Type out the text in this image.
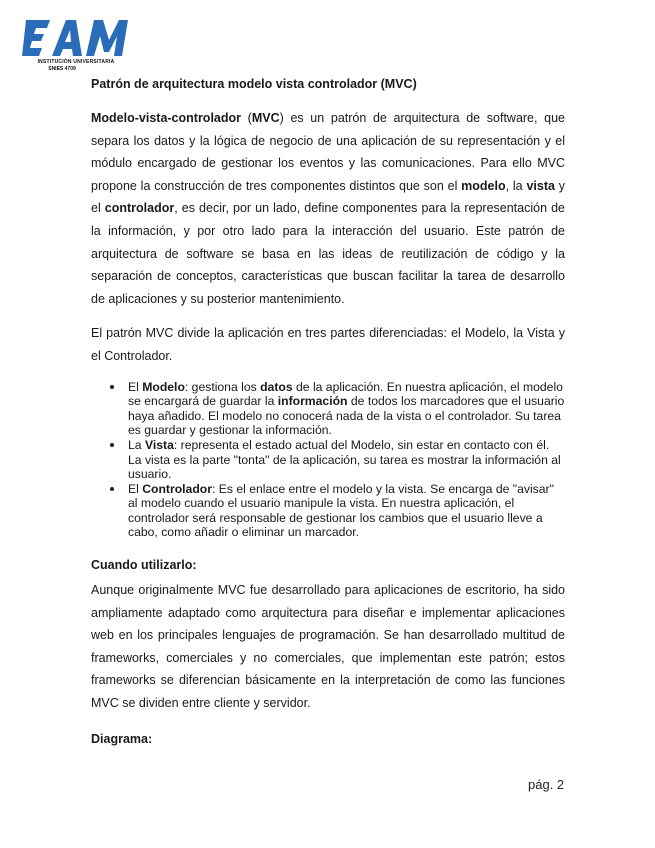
INSTITUCIÓN UNIVERSITARIA
SNIES 4709
Patrón de arquitectura modelo vista controlador (MVC)

Modelo-vista-controlador (MVC) es un patrón de arquitectura de software, que separa los datos y la lógica de negocio de una aplicación de su representación y el módulo encargado de gestionar los eventos y las comunicaciones. Para ello MVC propone la construcción de tres componentes distintos que son el modelo, la vista y el controlador, es decir, por un lado, define componentes para la representación de la información, y por otro lado para la interacción del usuario. Este patrón de arquitectura de software se basa en las ideas de reutilización de código y la separación de conceptos, características que buscan facilitar la tarea de desarrollo de aplicaciones y su posterior mantenimiento.

El patrón MVC divide la aplicación en tres partes diferenciadas: el Modelo, la Vista y el Controlador.

El Modelo: gestiona los datos de la aplicación. En nuestra aplicación, el modelo se encargará de guardar la información de todos los marcadores que el usuario haya añadido. El modelo no conocerá nada de la vista o el controlador. Su tarea es guardar y gestionar la información.
La Vista: representa el estado actual del Modelo, sin estar en contacto con él. La vista es la parte "tonta" de la aplicación, su tarea es mostrar la información al usuario.
El Controlador: Es el enlace entre el modelo y la vista. Se encarga de "avisar" al modelo cuando el usuario manipule la vista. En nuestra aplicación, el controlador será responsable de gestionar los cambios que el usuario lleve a cabo, como añadir o eliminar un marcador.
Cuando utilizarlo:

Aunque originalmente MVC fue desarrollado para aplicaciones de escritorio, ha sido ampliamente adaptado como arquitectura para diseñar e implementar aplicaciones web en los principales lenguajes de programación. Se han desarrollado multitud de frameworks, comerciales y no comerciales, que implementan este patrón; estos frameworks se diferencian básicamente en la interpretación de como las funciones MVC se dividen entre cliente y servidor.

Diagrama:
pág. 2
